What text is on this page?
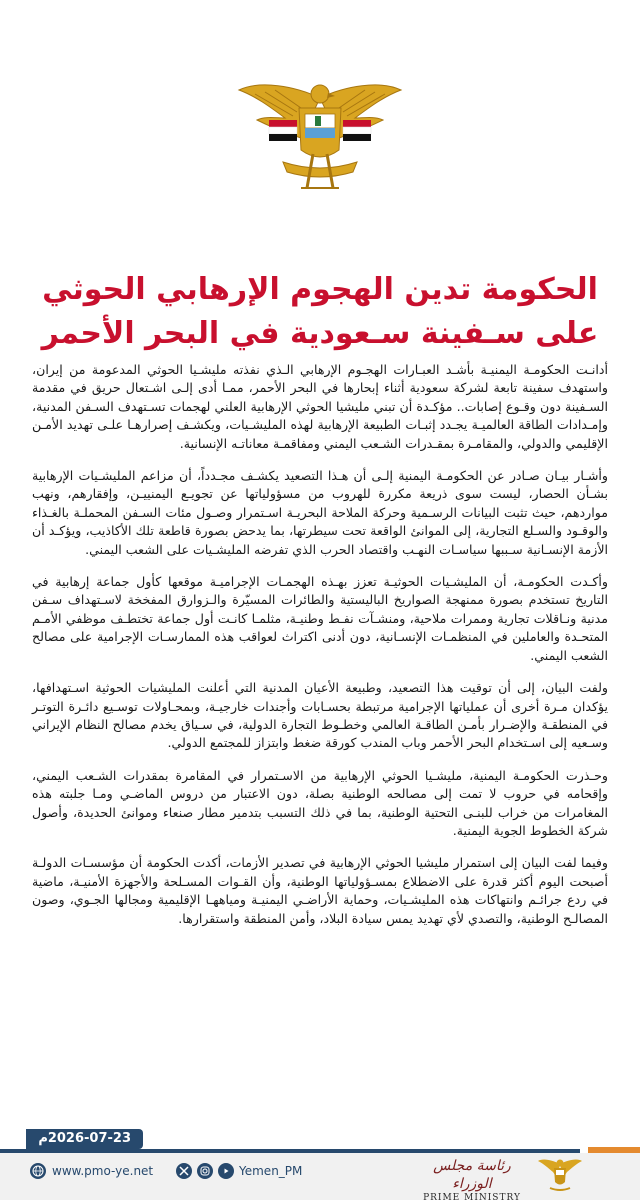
الحكومة تدين الهجوم الإرهابي الحوثي
على سـفينة سـعودية في البحر الأحمر

أدانـت الحكومـة اليمنيـة بأشـد العبـارات الهجـوم الإرهابي الـذي نفذته مليشـيا الحوثي المدعومة من إيران، واستهدف سفينة تابعة لشركة سعودية أثناء إبحارها في البحر الأحمر، ممـا أدى إلـى اشـتعال حريق في مقدمة السـفينة دون وقـوع إصابات.. مؤكـدة أن تبني مليشيا الحوثي الإرهابية العلني لهجمات تسـتهدف السـفن المدنية، وإمـدادات الطاقة العالميـة يجـدد إثبـات الطبيعة الإرهابية لهذه المليشـيات، ويكشـف إصرارهـا علـى تهديد الأمـن الإقليمي والدولي، والمقامـرة بمقـدرات الشـعب اليمني ومفاقمـة معاناتـه الإنسانية.

وأشـار بيـان صـادر عن الحكومـة اليمنية إلـى أن هـذا التصعيد يكشـف مجـدداً، أن مزاعم المليشـيات الإرهابية بشـأن الحصار، ليست سوى ذريعة مكررة للهروب من مسؤولياتها عن تجويـع اليمنييـن، وإفقارهم، ونهب مواردهم، حيث تثبت البيانات الرسـمية وحركة الملاحة البحريـة اسـتمرار وصـول مئات السـفن المحملـة بالغـذاء والوقـود والسـلع التجارية، إلى الموانئ الواقعة تحت سيطرتها، بما يدحض بصورة قاطعة تلك الأكاذيب، ويؤكـد أن الأزمة الإنسـانية سـببها سياسـات النهـب واقتصاد الحرب الذي تفرضه المليشـيات على الشعب اليمني.

وأكـدت الحكومـة، أن المليشـيات الحوثيـة تعزز بهـذه الهجمـات الإجراميـة موقعها كأول جماعة إرهابية في التاريخ تستخدم بصورة ممنهجة الصواريخ الباليستية والطائرات المسيّرة والـزوارق المفخخة لاسـتهداف سـفن مدنية ونـاقلات تجارية وممرات ملاحية، ومنشـآت نفـط وطنيـة، مثلمـا كانـت أول جماعة تختطـف موظفي الأمـم المتحـدة والعاملين في المنظمـات الإنسـانية، دون أدنى اكتراث لعواقب هذه الممارسـات الإجرامية على مصالح الشعب اليمني.

ولفت البيان، إلى أن توقيت هذا التصعيد، وطبيعة الأعيان المدنية التي أعلنت المليشيات الحوثية اسـتهدافها، يؤكدان مـرة أخرى أن عملياتها الإجرامية مرتبطة بحسـابات وأجندات خارجيـة، وبمحـاولات توسـيع دائـرة التوتـر في المنطقـة والإضـرار بأمـن الطاقـة العالمي وخطـوط التجارة الدولية، في سـياق يخدم مصالح النظام الإيراني وسـعيه إلى اسـتخدام البحر الأحمر وباب المندب كورقة ضغط وابتزاز للمجتمع الدولي.

وحـذرت الحكومـة اليمنية، مليشـيا الحوثي الإرهابية من الاسـتمرار في المقامرة بمقدرات الشـعب اليمني، وإقحامه في حروب لا تمت إلى مصالحه الوطنية بصلة، دون الاعتبار من دروس الماضـي ومـا جلبته هذه المغامرات من خراب للبنـى التحتية الوطنية، بما في ذلك التسبب بتدمير مطار صنعاء وموانئ الحديدة، وأصول شركة الخطوط الجوية اليمنية.

وفيما لفت البيان إلى استمرار مليشيا الحوثي الإرهابية في تصدير الأزمات، أكدت الحكومة أن مؤسسـات الدولـة أصبحت اليوم أكثر قدرة على الاضطلاع بمسـؤولياتها الوطنية، وأن القـوات المسـلحة والأجهزة الأمنيـة، ماضية في ردع جرائـم وانتهاكات هذه المليشـيات، وحماية الأراضـي اليمنيـة ومياههـا الإقليمية ومجالها الجـوي، وصون المصالـح الوطنية، والتصدي لأي تهديد يمس سيادة البلاد، وأمن المنطقة واستقرارها.

2026-07-23م
www.pmo-ye.net	Yemen_PM	رئاسة مجلس الوزراء
PRIME MINISTRY
